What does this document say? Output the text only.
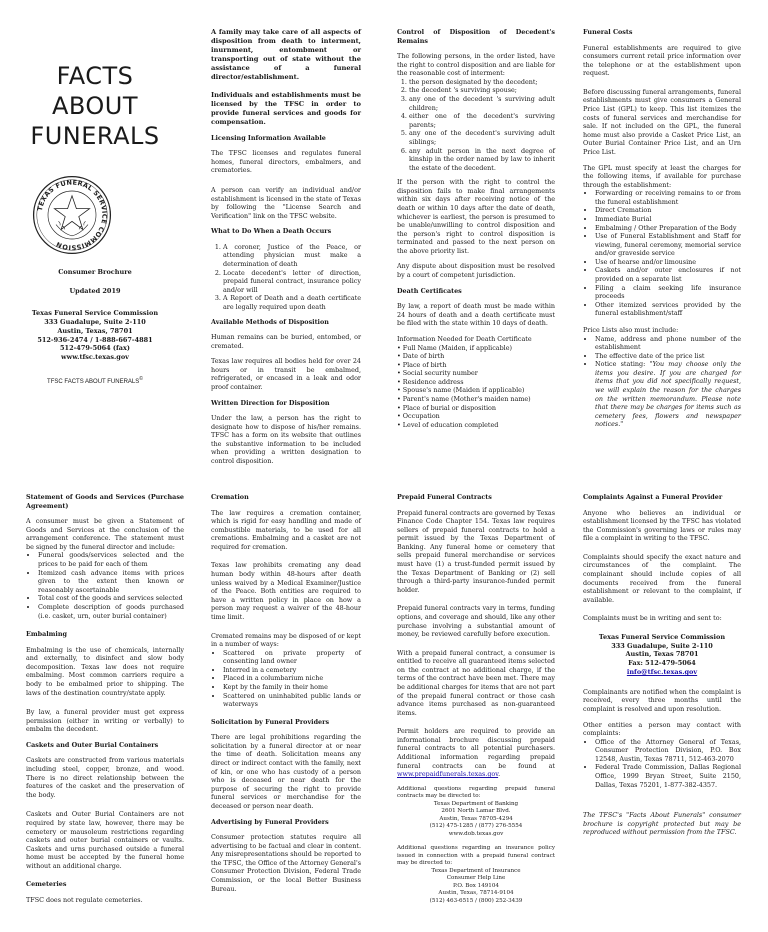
FACTS
ABOUT
FUNERALS
TEXAS FUNERAL SERVICE COMMISSION

Consumer Brochure

Updated 2019

Texas Funeral Service Commission
333 Guadalupe, Suite 2-110
Austin, Texas, 78701
512-936-2474 / 1-888-667-4881
512-479-5064 (fax)
www.tfsc.texas.gov
TFSC FACTS ABOUT FUNERALS©

A family may take care of all aspects of disposition from death to interment, inurnment, entombment or transporting out of state without the assistance of a funeral director/establishment.

Individuals and establishments must be licensed by the TFSC in order to provide funeral services and goods for compensation.

Licensing Information Available

The TFSC licenses and regulates funeral homes, funeral directors, embalmers, and crematories.

A person can verify an individual and/or establishment is licensed in the state of Texas by following the "License Search and Verification" link on the TFSC website.

What to Do When a Death Occurs

1. A coroner, Justice of the Peace, or attending physician must make a determination of death
2. Locate decedent's letter of direction, prepaid funeral contract, insurance policy and/or will
3. A Report of Death and a death certificate are legally required upon death

Available Methods of Disposition

Human remains can be buried, entombed, or cremated.

Texas law requires all bodies held for over 24 hours or in transit be embalmed, refrigerated, or encased in a leak and odor proof container.

Written Direction for Disposition

Under the law, a person has the right to designate how to dispose of his/her remains. TFSC has a form on its website that outlines the substantive information to be included when providing a written designation to control disposition.

Control of Disposition of Decedent's Remains

The following persons, in the order listed, have the right to control disposition and are liable for the reasonable cost of interment:

1. the person designated by the decedent;
2. the decedent 's surviving spouse;
3. any one of the decedent 's surviving adult children;
4. either one of the decedent's surviving parents;
5. any one of the decedent's surviving adult siblings;
6. any adult person in the next degree of kinship in the order named by law to inherit the estate of the decedent.

If the person with the right to control the disposition fails to make final arrangements within six days after receiving notice of the death or within 10 days after the date of death, whichever is earliest, the person is presumed to be unable/unwilling to control disposition and the person's right to control disposition is terminated and passed to the next person on the above priority list.

Any dispute about disposition must be resolved by a court of competent jurisdiction.

Death Certificates

By law, a report of death must be made within 24 hours of death and a death certificate must be filed with the state within 10 days of death.

Information Needed for Death Certificate

• Full Name (Maiden, if applicable)
• Date of birth
• Place of birth
• Social security number
• Residence address
• Spouse's name (Maiden if applicable)
• Parent's name (Mother's maiden name)
• Place of burial or disposition
• Occupation
• Level of education completed

Funeral Costs

Funeral establishments are required to give consumers current retail price information over the telephone or at the establishment upon request.

Before discussing funeral arrangements, funeral establishments must give consumers a General Price List (GPL) to keep. This list itemizes the costs of funeral services and merchandise for sale. If not included on the GPL, the funeral home must also provide a Casket Price List, an Outer Burial Container Price List, and an Urn Price List.

The GPL must specify at least the charges for the following items, if available for purchase through the establishment:

• Forwarding or receiving remains to or from the funeral establishment
• Direct Cremation
• Immediate Burial
• Embalming / Other Preparation of the Body
• Use of Funeral Establishment and Staff for viewing, funeral ceremony, memorial service and/or graveside service
• Use of hearse and/or limousine
• Caskets and/or outer enclosures if not provided on a separate list
• Filing a claim seeking life insurance proceeds
• Other itemized services provided by the funeral establishment/staff

Price Lists also must include:

• Name, address and phone number of the establishment
• The effective date of the price list
• Notice stating: "You may choose only the items you desire. If you are charged for items that you did not specifically request, we will explain the reason for the charges on the written memorandum. Please note that there may be charges for items such as cemetery fees, flowers and newspaper notices."

Statement of Goods and Services (Purchase Agreement)

A consumer must be given a Statement of Goods and Services at the conclusion of the arrangement conference. The statement must be signed by the funeral director and include:

• Funeral goods/services selected and the prices to be paid for each of them
• Itemized cash advance items with prices given to the extent then known or reasonably ascertainable
• Total cost of the goods and services selected
• Complete description of goods purchased (i.e. casket, urn, outer burial container)

Embalming

Embalming is the use of chemicals, internally and externally, to disinfect and slow body decomposition. Texas law does not require embalming. Most common carriers require a body to be embalmed prior to shipping. The laws of the destination country/state apply.

By law, a funeral provider must get express permission (either in writing or verbally) to embalm the decedent.

Caskets and Outer Burial Containers

Caskets are constructed from various materials including steel, copper, bronze, and wood. There is no direct relationship between the features of the casket and the preservation of the body.

Caskets and Outer Burial Containers are not required by state law, however, there may be cemetery or mausoleum restrictions regarding caskets and outer burial containers or vaults. Caskets and urns purchased outside a funeral home must be accepted by the funeral home without an additional charge.

Cemeteries

TFSC does not regulate cemeteries.

Cremation

The law requires a cremation container, which is rigid for easy handling and made of combustible materials, to be used for all cremations. Embalming and a casket are not required for cremation.

Texas law prohibits cremating any dead human body within 48-hours after death unless waived by a Medical Examiner/Justice of the Peace. Both entities are required to have a written policy in place on how a person may request a waiver of the 48-hour time limit.

Cremated remains may be disposed of or kept in a number of ways:

• Scattered on private property of consenting land owner
• Interred in a cemetery
• Placed in a columbarium niche
• Kept by the family in their home
• Scattered on uninhabited public lands or waterways

Solicitation by Funeral Providers

There are legal prohibitions regarding the solicitation by a funeral director at or near the time of death. Solicitation means any direct or indirect contact with the family, next of kin, or one who has custody of a person who is deceased or near death for the purpose of securing the right to provide funeral services or merchandise for the deceased or person near death.

Advertising by Funeral Providers

Consumer protection statutes require all advertising to be factual and clear in content. Any misrepresentations should be reported to the TFSC, the Office of the Attorney General's Consumer Protection Division, Federal Trade Commission, or the local Better Business Bureau.

Prepaid Funeral Contracts

Prepaid funeral contracts are governed by Texas Finance Code Chapter 154. Texas law requires sellers of prepaid funeral contracts to hold a permit issued by the Texas Department of Banking. Any funeral home or cemetery that sells prepaid funeral merchandise or services must have (1) a trust-funded permit issued by the Texas Department of Banking or (2) sell through a third-party insurance-funded permit holder.

Prepaid funeral contracts vary in terms, funding options, and coverage and should, like any other purchase involving a substantial amount of money, be reviewed carefully before execution.

With a prepaid funeral contract, a consumer is entitled to receive all guaranteed items selected on the contract at no additional charge, if the terms of the contract have been met. There may be additional charges for items that are not part of the prepaid funeral contract or those cash advance items purchased as non-guaranteed items.

Permit holders are required to provide an informational brochure discussing prepaid funeral contracts to all potential purchasers. Additional information regarding prepaid funeral contracts can be found at www.prepaidfunerals.texas.gov.

Additional questions regarding prepaid funeral contracts may be directed to:

Texas Department of Banking
2601 North Lamar Blvd.
Austin, Texas 78705-4294
(512) 475-1285 / (877) 276-5554
www.dob.texas.gov

Additional questions regarding an insurance policy issued in connection with a prepaid funeral contract may be directed to:

Texas Department of Insurance
Consumer Help Line
P.O. Box 149104
Austin, Texas, 78714-9104
(512) 463-6515 / (800) 252-3439

Complaints Against a Funeral Provider

Anyone who believes an individual or establishment licensed by the TFSC has violated the Commission's governing laws or rules may file a complaint in writing to the TFSC.

Complaints should specify the exact nature and circumstances of the complaint. The complainant should include copies of all documents received from the funeral establishment or relevant to the complaint, if available.

Complaints must be in writing and sent to:

Texas Funeral Service Commission
333 Guadalupe, Suite 2-110
Austin, Texas 78701
Fax: 512-479-5064
info@tfsc.texas.gov

Complainants are notified when the complaint is received, every three months until the complaint is resolved and upon resolution.

Other entities a person may contact with complaints:

• Office of the Attorney General of Texas, Consumer Protection Division, P.O. Box 12548, Austin, Texas 78711, 512-463-2070
• Federal Trade Commission, Dallas Regional Office, 1999 Bryan Street, Suite 2150, Dallas, Texas 75201, 1-877-382-4357.

The TFSC's "Facts About Funerals" consumer brochure is copyright protected but may be reproduced without permission from the TFSC.
